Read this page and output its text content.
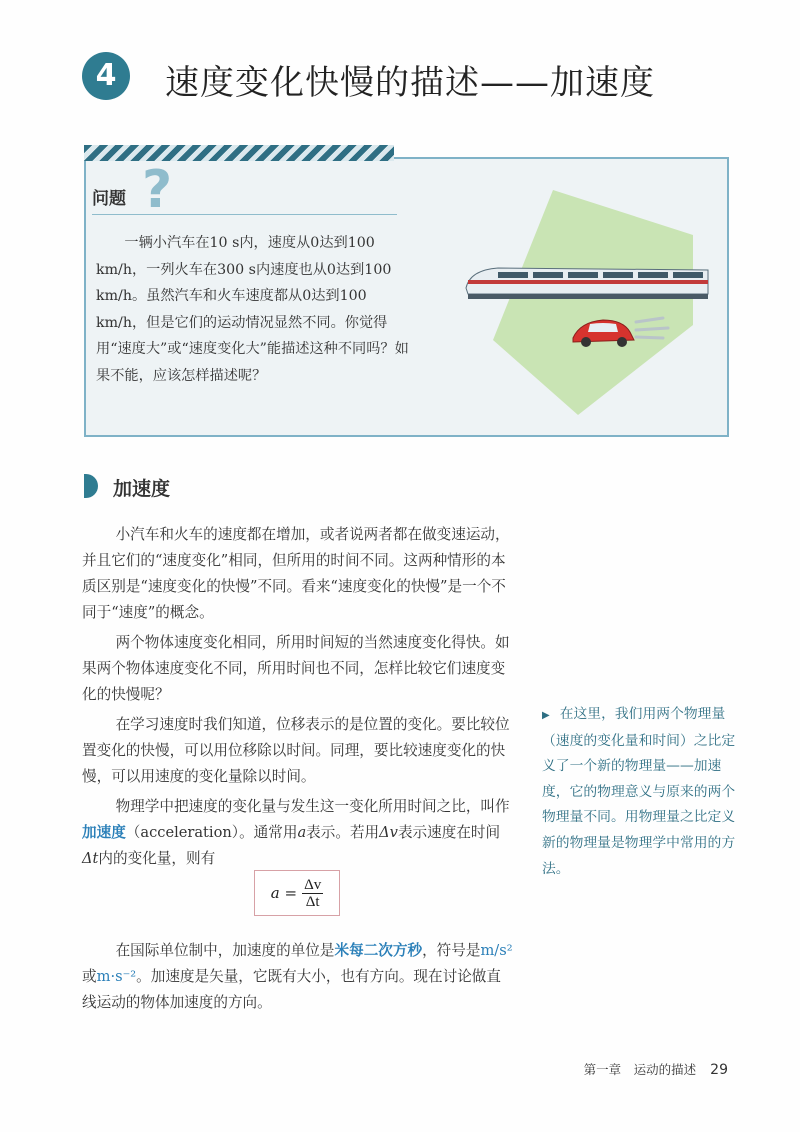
4	速度变化快慢的描述——加速度
?
问题
一辆小汽车在10 s内，速度从0达到100 km/h，一列火车在300 s内速度也从0达到100 km/h。虽然汽车和火车速度都从0达到100 km/h，但是它们的运动情况显然不同。你觉得用“速度大”或“速度变化大”能描述这种不同吗？如果不能，应该怎样描述呢？
加速度

小汽车和火车的速度都在增加，或者说两者都在做变速运动，并且它们的“速度变化”相同，但所用的时间不同。这两种情形的本质区别是“速度变化的快慢”不同。看来“速度变化的快慢”是一个不同于“速度”的概念。

两个物体速度变化相同，所用时间短的当然速度变化得快。如果两个物体速度变化不同，所用时间也不同，怎样比较它们速度变化的快慢呢？

在学习速度时我们知道，位移表示的是位置的变化。要比较位置变化的快慢，可以用位移除以时间。同理，要比较速度变化的快慢，可以用速度的变化量除以时间。

物理学中把速度的变化量与发生这一变化所用时间之比，叫作加速度（acceleration）。通常用a表示。若用Δv表示速度在时间Δt内的变化量，则有

$a = \frac{\Delta v}{\Delta t}$

在国际单位制中，加速度的单位是米每二次方秒，符号是m/s²或m·s⁻²。加速度是矢量，它既有大小，也有方向。现在讨论做直线运动的物体加速度的方向。

▶ 在这里，我们用两个物理量（速度的变化量和时间）之比定义了一个新的物理量——加速度，它的物理意义与原来的两个物理量不同。用物理量之比定义新的物理量是物理学中常用的方法。
第一章　运动的描述 29
